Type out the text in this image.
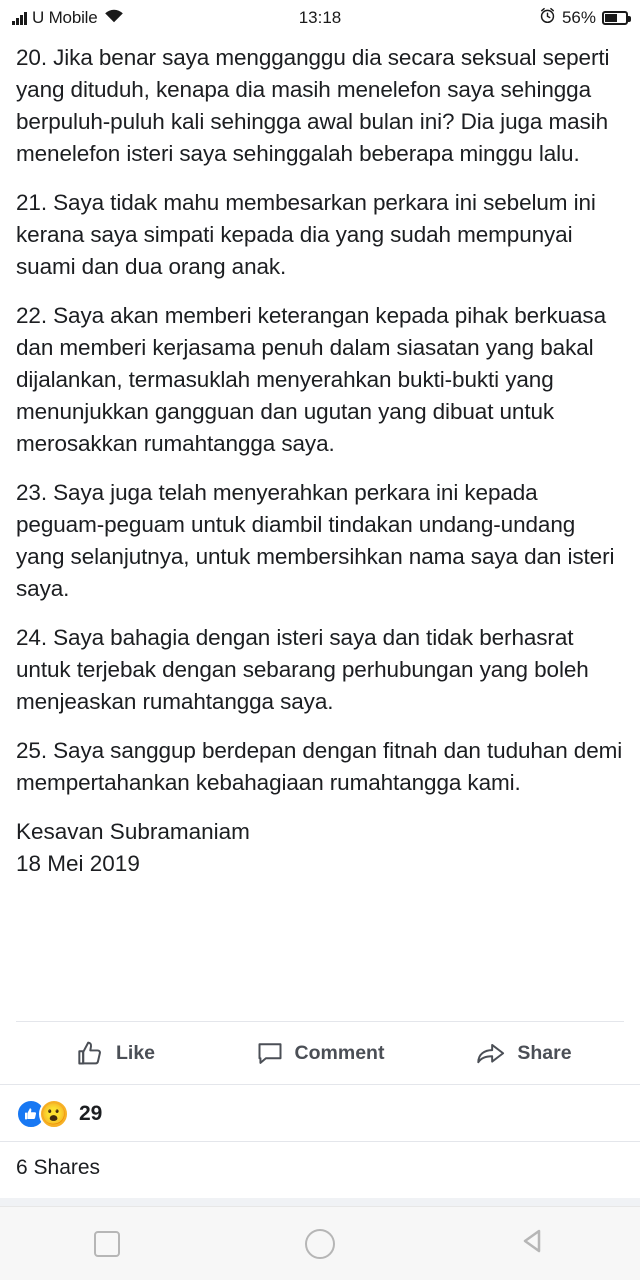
U Mobile	13:18	56%

20. Jika benar saya mengganggu dia secara seksual seperti yang dituduh, kenapa dia masih menelefon saya sehingga berpuluh-puluh kali sehingga awal bulan ini? Dia juga masih menelefon isteri saya sehinggalah beberapa minggu lalu.

21. Saya tidak mahu membesarkan perkara ini sebelum ini kerana saya simpati kepada dia yang sudah mempunyai suami dan dua orang anak.

22. Saya akan memberi keterangan kepada pihak berkuasa dan memberi kerjasama penuh dalam siasatan yang bakal dijalankan, termasuklah menyerahkan bukti-bukti yang menunjukkan gangguan dan ugutan yang dibuat untuk merosakkan rumahtangga saya.

23. Saya juga telah menyerahkan perkara ini kepada peguam-peguam untuk diambil tindakan undang-undang yang selanjutnya, untuk membersihkan nama saya dan isteri saya.

24. Saya bahagia dengan isteri saya dan tidak berhasrat untuk terjebak dengan sebarang perhubungan yang boleh menjeaskan rumahtangga saya.

25. Saya sanggup berdepan dengan fitnah dan tuduhan demi mempertahankan kebahagiaan rumahtangga kami.

Kesavan Subramaniam
18 Mei 2019
Like	Comment	Share
😮 29
6 Shares
